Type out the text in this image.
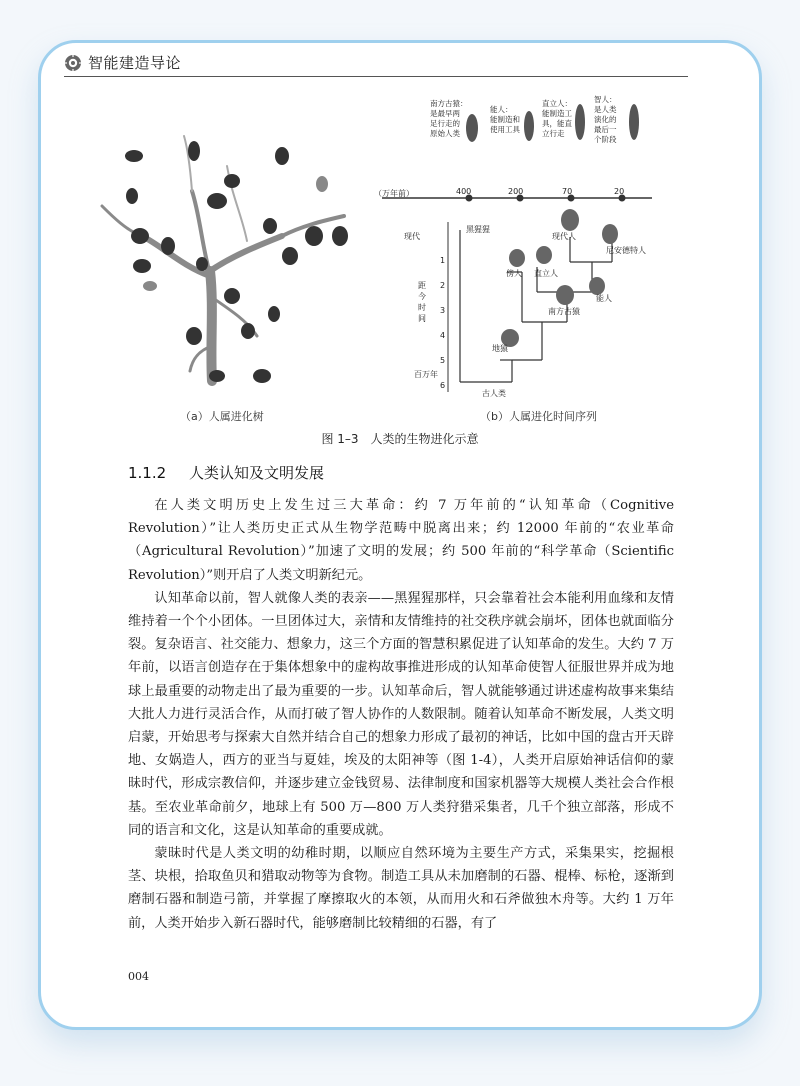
智能建造导论
南方古猿：
是最早两
足行走的
原始人类
能人：
能制造和
使用工具
直立人：
能制造工
具，能直
立行走
智人：
是人类
演化的
最后一
个阶段
（万年前）	400	200	70	20
现代
1
2
3
4
5
6
距
今
时
间
百万年
黑猩猩
现代人
尼安德特人
傍人 直立人
能人
南方古猿
地猿
古人类
（a）人属进化树	（b）人属进化时间序列
图 1–3　人类的生物进化示意
1.1.2 人类认知及文明发展

在人类文明历史上发生过三大革命：约 7 万年前的“认知革命（Cognitive Revolution）”让人类历史正式从生物学范畴中脱离出来；约 12000 年前的“农业革命（Agricultural Revolution）”加速了文明的发展；约 500 年前的“科学革命（Scientific Revolution）”则开启了人类文明新纪元。

认知革命以前，智人就像人类的表亲——黑猩猩那样，只会靠着社会本能利用血缘和友情维持着一个个小团体。一旦团体过大，亲情和友情维持的社交秩序就会崩坏，团体也就面临分裂。复杂语言、社交能力、想象力，这三个方面的智慧积累促进了认知革命的发生。大约 7 万年前，以语言创造存在于集体想象中的虚构故事推进形成的认知革命使智人征服世界并成为地球上最重要的动物走出了最为重要的一步。认知革命后，智人就能够通过讲述虚构故事来集结大批人力进行灵活合作，从而打破了智人协作的人数限制。随着认知革命不断发展，人类文明启蒙，开始思考与探索大自然并结合自己的想象力形成了最初的神话，比如中国的盘古开天辟地、女娲造人，西方的亚当与夏娃，埃及的太阳神等（图 1-4），人类开启原始神话信仰的蒙昧时代，形成宗教信仰，并逐步建立金钱贸易、法律制度和国家机器等大规模人类社会合作根基。至农业革命前夕，地球上有 500 万—800 万人类狩猎采集者，几千个独立部落，形成不同的语言和文化，这是认知革命的重要成就。

蒙昧时代是人类文明的幼稚时期，以顺应自然环境为主要生产方式，采集果实，挖掘根茎、块根，拾取鱼贝和猎取动物等为食物。制造工具从未加磨制的石器、棍棒、标枪，逐渐到磨制石器和制造弓箭，并掌握了摩擦取火的本领，从而用火和石斧做独木舟等。大约 1 万年前，人类开始步入新石器时代，能够磨制比较精细的石器，有了

004
